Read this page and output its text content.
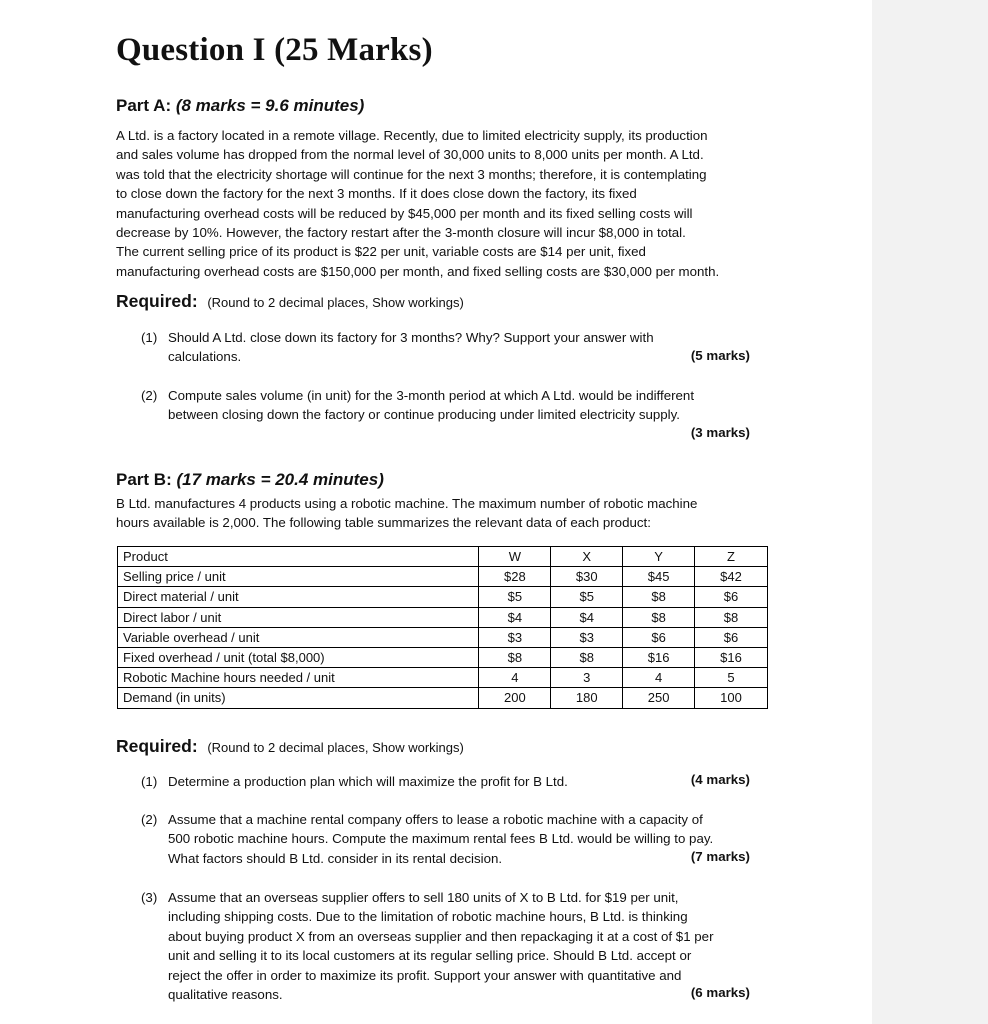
Question I (25 Marks)
Part A: (8 marks = 9.6 minutes)
A Ltd. is a factory located in a remote village. Recently, due to limited electricity supply, its production
and sales volume has dropped from the normal level of 30,000 units to 8,000 units per month. A Ltd.
was told that the electricity shortage will continue for the next 3 months; therefore, it is contemplating
to close down the factory for the next 3 months. If it does close down the factory, its fixed
manufacturing overhead costs will be reduced by $45,000 per month and its fixed selling costs will
decrease by 10%. However, the factory restart after the 3-month closure will incur $8,000 in total.
The current selling price of its product is $22 per unit, variable costs are $14 per unit, fixed
manufacturing overhead costs are $150,000 per month, and fixed selling costs are $30,000 per month.
Required: (Round to 2 decimal places, Show workings)
(1) Should A Ltd. close down its factory for 3 months? Why? Support your answer with
calculations.	(5 marks)
(2) Compute sales volume (in unit) for the 3-month period at which A Ltd. would be indifferent
between closing down the factory or continue producing under limited electricity supply.
(3 marks)
Part B: (17 marks = 20.4 minutes)
B Ltd. manufactures 4 products using a robotic machine. The maximum number of robotic machine
hours available is 2,000. The following table summarizes the relevant data of each product:
Product	W	X	Y	Z
Selling price / unit	$28	$30	$45	$42
Direct material / unit	$5	$5	$8	$6
Direct labor / unit	$4	$4	$8	$8
Variable overhead / unit	$3	$3	$6	$6
Fixed overhead / unit (total $8,000)	$8	$8	$16	$16
Robotic Machine hours needed / unit	4	3	4	5
Demand (in units)	200	180	250	100
Required: (Round to 2 decimal places, Show workings)
(1) Determine a production plan which will maximize the profit for B Ltd.	(4 marks)
(2) Assume that a machine rental company offers to lease a robotic machine with a capacity of
500 robotic machine hours. Compute the maximum rental fees B Ltd. would be willing to pay.
What factors should B Ltd. consider in its rental decision.	(7 marks)
(3) Assume that an overseas supplier offers to sell 180 units of X to B Ltd. for $19 per unit,
including shipping costs. Due to the limitation of robotic machine hours, B Ltd. is thinking
about buying product X from an overseas supplier and then repackaging it at a cost of $1 per
unit and selling it to its local customers at its regular selling price. Should B Ltd. accept or
reject the offer in order to maximize its profit. Support your answer with quantitative and
qualitative reasons.	(6 marks)
